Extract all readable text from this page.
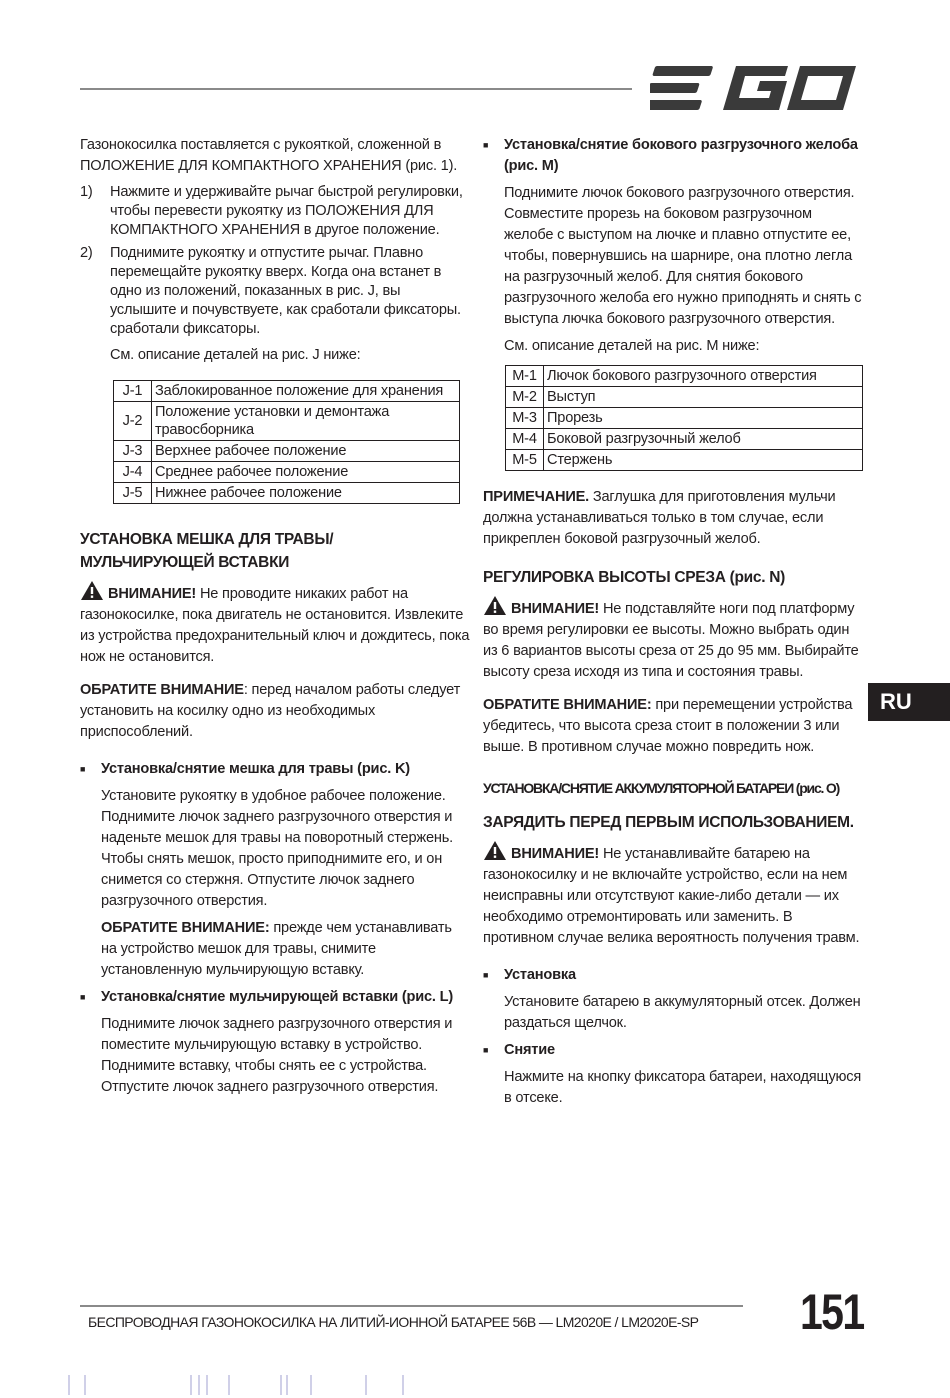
Газонокосилка поставляется с рукояткой, сложенной в ПОЛОЖЕНИЕ ДЛЯ КОМПАКТНОГО ХРАНЕНИЯ (рис. 1).

1)	Нажмите и удерживайте рычаг быстрой регулировки, чтобы перевести рукоятку из ПОЛОЖЕНИЯ ДЛЯ КОМПАКТНОГО ХРАНЕНИЯ в другое положение.
2)	Поднимите рукоятку и отпустите рычаг. Плавно перемещайте рукоятку вверх. Когда она встанет в одно из положений, показанных в рис. J, вы услышите и почувствуете, как сработали фиксаторы. сработали фиксаторы.

См. описание деталей на рис. J ниже:

J-1	Заблокированное положение для хранения
J-2	Положение установки и демонтажа травосборника
J-3	Верхнее рабочее положение
J-4	Среднее рабочее положение
J-5	Нижнее рабочее положение
УСТАНОВКА МЕШКА ДЛЯ ТРАВЫ/ МУЛЬЧИРУЮЩЕЙ ВСТАВКИ

ВНИМАНИЕ! Не проводите никаких работ на газонокосилке, пока двигатель не остановится. Извлеките из устройства предохранительный ключ и дождитесь, пока нож не остановится.

ОБРАТИТЕ ВНИМАНИЕ: перед началом работы следует установить на косилку одно из необходимых приспособлений.

■	Установка/снятие мешка для травы (рис. K)

Установите рукоятку в удобное рабочее положение. Поднимите лючок заднего разгрузочного отверстия и наденьте мешок для травы на поворотный стержень. Чтобы снять мешок, просто приподнимите его, и он снимется со стержня. Отпустите лючок заднего разгрузочного отверстия.

ОБРАТИТЕ ВНИМАНИЕ: прежде чем устанавливать на устройство мешок для травы, снимите установленную мульчирующую вставку.

■	Установка/снятие мульчирующей вставки (рис. L)

Поднимите лючок заднего разгрузочного отверстия и поместите мульчирующую вставку в устройство. Поднимите вставку, чтобы снять ее с устройства. Отпустите лючок заднего разгрузочного отверстия.

■	Установка/снятие бокового разгрузочного желоба (рис. M)

Поднимите лючок бокового разгрузочного отверстия. Совместите прорезь на боковом разгрузочном желобе с выступом на лючке и плавно отпустите ее, чтобы, повернувшись на шарнире, она плотно легла на разгрузочный желоб. Для снятия бокового разгрузочного желоба его нужно приподнять и снять с выступа лючка бокового разгрузочного отверстия.

См. описание деталей на рис. M ниже:

M-1	Лючок бокового разгрузочного отверстия
M-2	Выступ
M-3	Прорезь
M-4	Боковой разгрузочный желоб
M-5	Стержень

ПРИМЕЧАНИЕ. Заглушка для приготовления мульчи должна устанавливаться только в том случае, если прикреплен боковой разгрузочный желоб.

РЕГУЛИРОВКА ВЫСОТЫ СРЕЗА (рис. N)

ВНИМАНИЕ! Не подставляйте ноги под платформу во время регулировки ее высоты. Можно выбрать один из 6 вариантов высоты среза от 25 до 95 мм. Выбирайте высоту среза исходя из типа и состояния травы.

ОБРАТИТЕ ВНИМАНИЕ: при перемещении устройства убедитесь, что высота среза стоит в положении 3 или выше. В противном случае можно повредить нож.

УСТАНОВКА/СНЯТИЕ АККУМУЛЯТОРНОЙ БАТАРЕИ (рис. O)
ЗАРЯДИТЬ ПЕРЕД ПЕРВЫМ ИСПОЛЬЗОВАНИЕМ.

ВНИМАНИЕ! Не устанавливайте батарею на газонокосилку и не включайте устройство, если на нем неисправны или отсутствуют какие-либо детали — их необходимо отремонтировать или заменить. В противном случае велика вероятность получения травм.

■	Установка

Установите батарею в аккумуляторный отсек. Должен раздаться щелчок.

■	Снятие

Нажмите на кнопку фиксатора батареи, находящуюся в отсеке.

RU
БЕСПРОВОДНАЯ ГАЗОНОКОСИЛКА НА ЛИТИЙ-ИОННОЙ БАТАРЕЕ 56В — LM2020E / LM2020E-SP 151
